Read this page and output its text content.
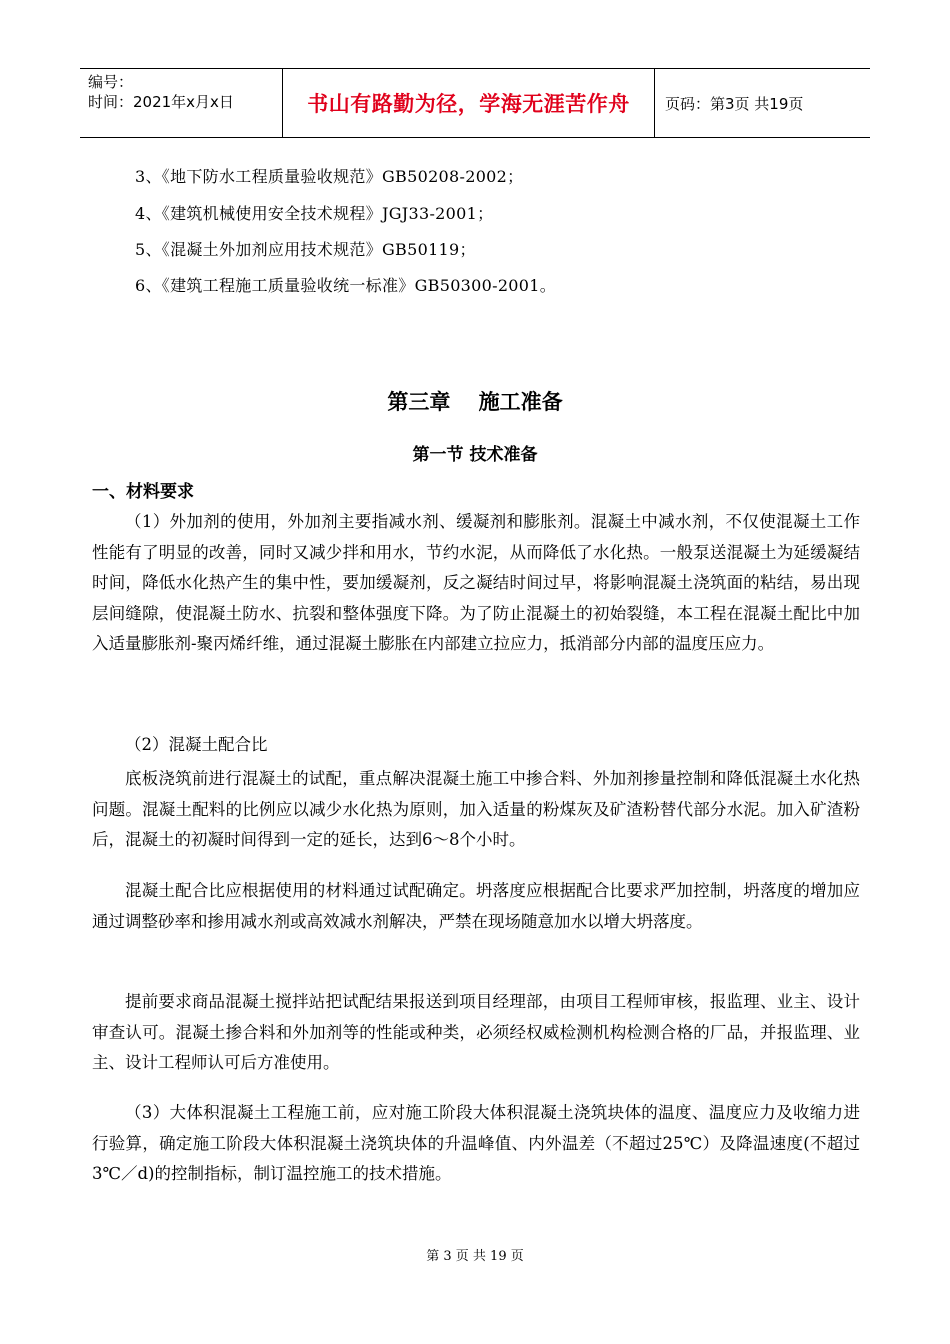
编号：
时间：2021年x月x日	书山有路勤为径，学海无涯苦作舟	页码：第3页 共19页
3、《地下防水工程质量验收规范》GB50208-2002；
4、《建筑机械使用安全技术规程》JGJ33-2001；
5、《混凝土外加剂应用技术规范》GB50119；
6、《建筑工程施工质量验收统一标准》GB50300-2001。
第三章　 施工准备
第一节 技术准备
一、材料要求

（1）外加剂的使用，外加剂主要指减水剂、缓凝剂和膨胀剂。混凝土中减水剂，不仅使混凝土工作性能有了明显的改善，同时又减少拌和用水，节约水泥，从而降低了水化热。一般泵送混凝土为延缓凝结时间，降低水化热产生的集中性，要加缓凝剂，反之凝结时间过早，将影响混凝土浇筑面的粘结，易出现层间缝隙，使混凝土防水、抗裂和整体强度下降。为了防止混凝土的初始裂缝，本工程在混凝土配比中加入适量膨胀剂-聚丙烯纤维，通过混凝土膨胀在内部建立拉应力，抵消部分内部的温度压应力。

（2）混凝土配合比

底板浇筑前进行混凝土的试配，重点解决混凝土施工中掺合料、外加剂掺量控制和降低混凝土水化热问题。混凝土配料的比例应以减少水化热为原则，加入适量的粉煤灰及矿渣粉替代部分水泥。加入矿渣粉后，混凝土的初凝时间得到一定的延长，达到6～8个小时。

混凝土配合比应根据使用的材料通过试配确定。坍落度应根据配合比要求严加控制，坍落度的增加应通过调整砂率和掺用减水剂或高效减水剂解决，严禁在现场随意加水以增大坍落度。

提前要求商品混凝土搅拌站把试配结果报送到项目经理部，由项目工程师审核，报监理、业主、设计审查认可。混凝土掺合料和外加剂等的性能或种类，必须经权威检测机构检测合格的厂品，并报监理、业主、设计工程师认可后方准使用。

（3）大体积混凝土工程施工前，应对施工阶段大体积混凝土浇筑块体的温度、温度应力及收缩力进行验算，确定施工阶段大体积混凝土浇筑块体的升温峰值、内外温差（不超过25℃）及降温速度(不超过3℃／d)的控制指标，制订温控施工的技术措施。

第 3 页 共 19 页
